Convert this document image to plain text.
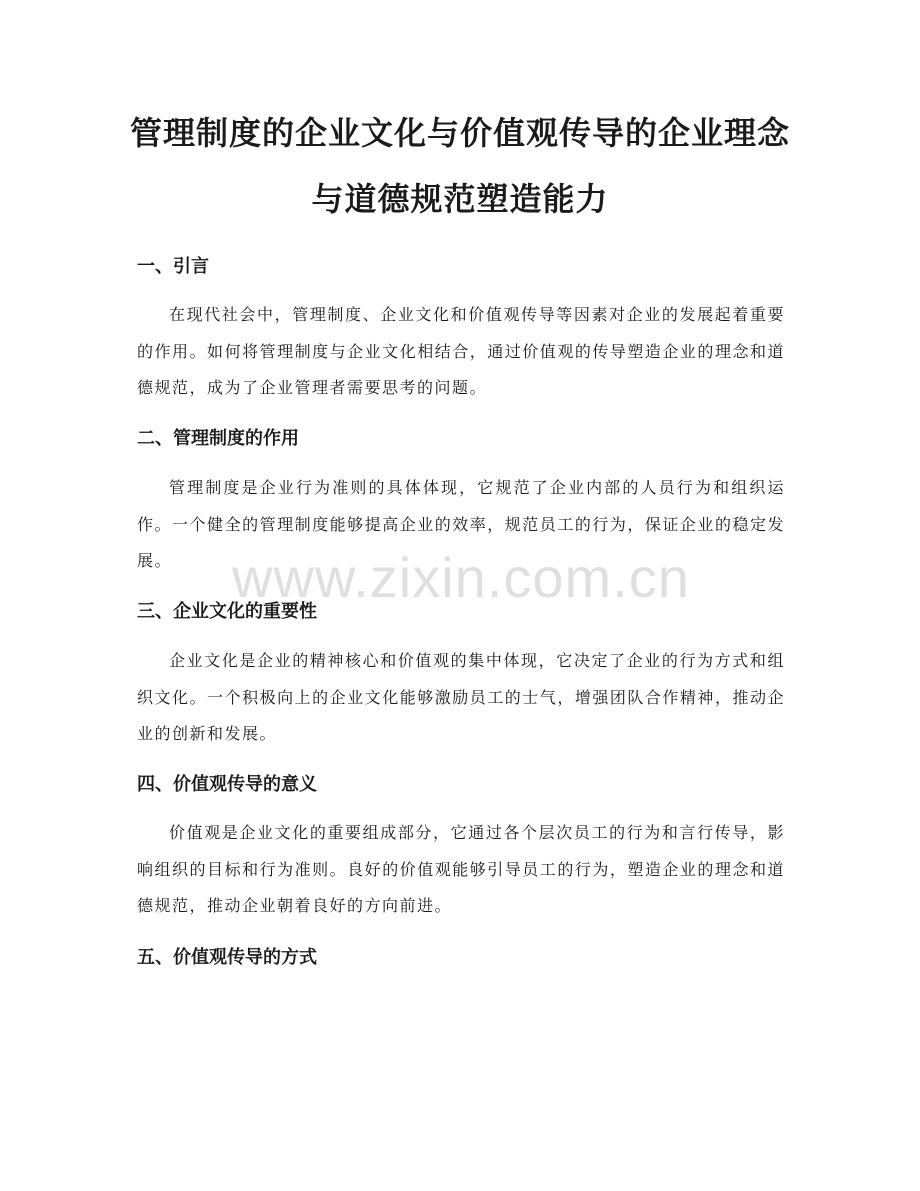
管理制度的企业文化与价值观传导的企业理念与道德规范塑造能力
一、引言
在现代社会中，管理制度、企业文化和价值观传导等因素对企业的发展起着重要的作用。如何将管理制度与企业文化相结合，通过价值观的传导塑造企业的理念和道德规范，成为了企业管理者需要思考的问题。
二、管理制度的作用
管理制度是企业行为准则的具体体现，它规范了企业内部的人员行为和组织运作。一个健全的管理制度能够提高企业的效率，规范员工的行为，保证企业的稳定发展。
三、企业文化的重要性
企业文化是企业的精神核心和价值观的集中体现，它决定了企业的行为方式和组织文化。一个积极向上的企业文化能够激励员工的士气，增强团队合作精神，推动企业的创新和发展。
四、价值观传导的意义
价值观是企业文化的重要组成部分，它通过各个层次员工的行为和言行传导，影响组织的目标和行为准则。良好的价值观能够引导员工的行为，塑造企业的理念和道德规范，推动企业朝着良好的方向前进。
五、价值观传导的方式
www.zixin.com.cn
